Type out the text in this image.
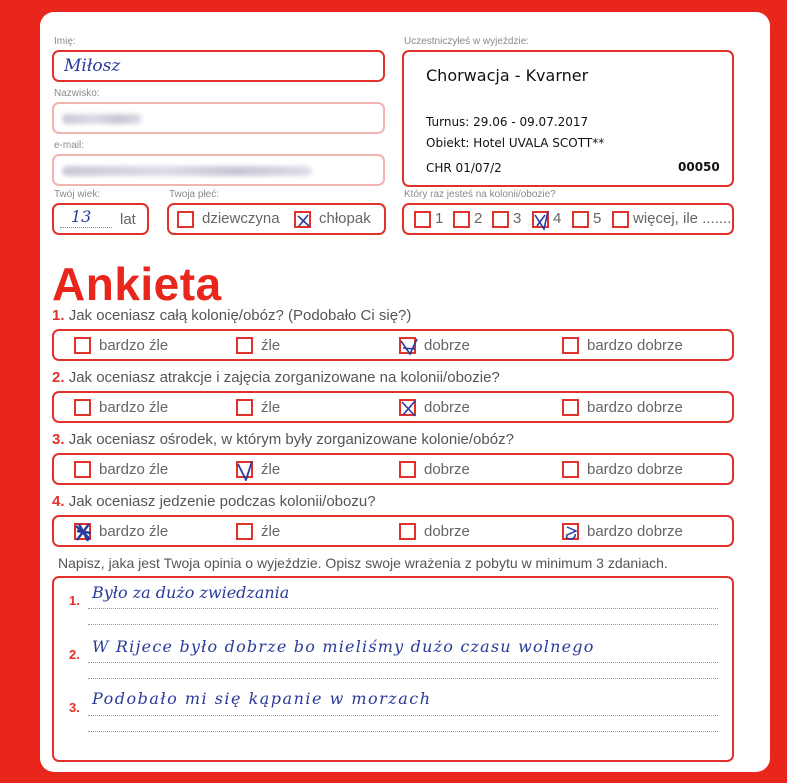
Imię:
Miłosz
Nazwisko:
e-mail:
Twój wiek:
13 lat
Twoja płeć:
dziewczyna	chłopak
Uczestniczyłeś w wyjeździe:
Chorwacja - Kvarner
Turnus: 29.06 - 09.07.2017
Obiekt: Hotel UVALA SCOTT**
CHR 01/07/2	00050
Który raz jesteś na kolonii/obozie?
1 2 3 4 5 więcej, ile .......
Ankieta
1. Jak oceniasz całą kolonię/obóz? (Podobało Ci się?)
bardzo źle	źle	dobrze	bardzo dobrze
2. Jak oceniasz atrakcje i zajęcia zorganizowane na kolonii/obozie?
bardzo źle	źle	dobrze	bardzo dobrze
3. Jak oceniasz ośrodek, w którym były zorganizowane kolonie/obóz?
bardzo źle	źle	dobrze	bardzo dobrze
4. Jak oceniasz jedzenie podczas kolonii/obozu?
bardzo źle	źle	dobrze	bardzo dobrze
Napisz, jaka jest Twoja opinia o wyjeździe. Opisz swoje wrażenia z pobytu w minimum 3 zdaniach.
1. Było za dużo zwiedzania
2. W Rijece było dobrze bo mieliśmy dużo czasu wolnego
3. Podobało mi się kąpanie w morzach
